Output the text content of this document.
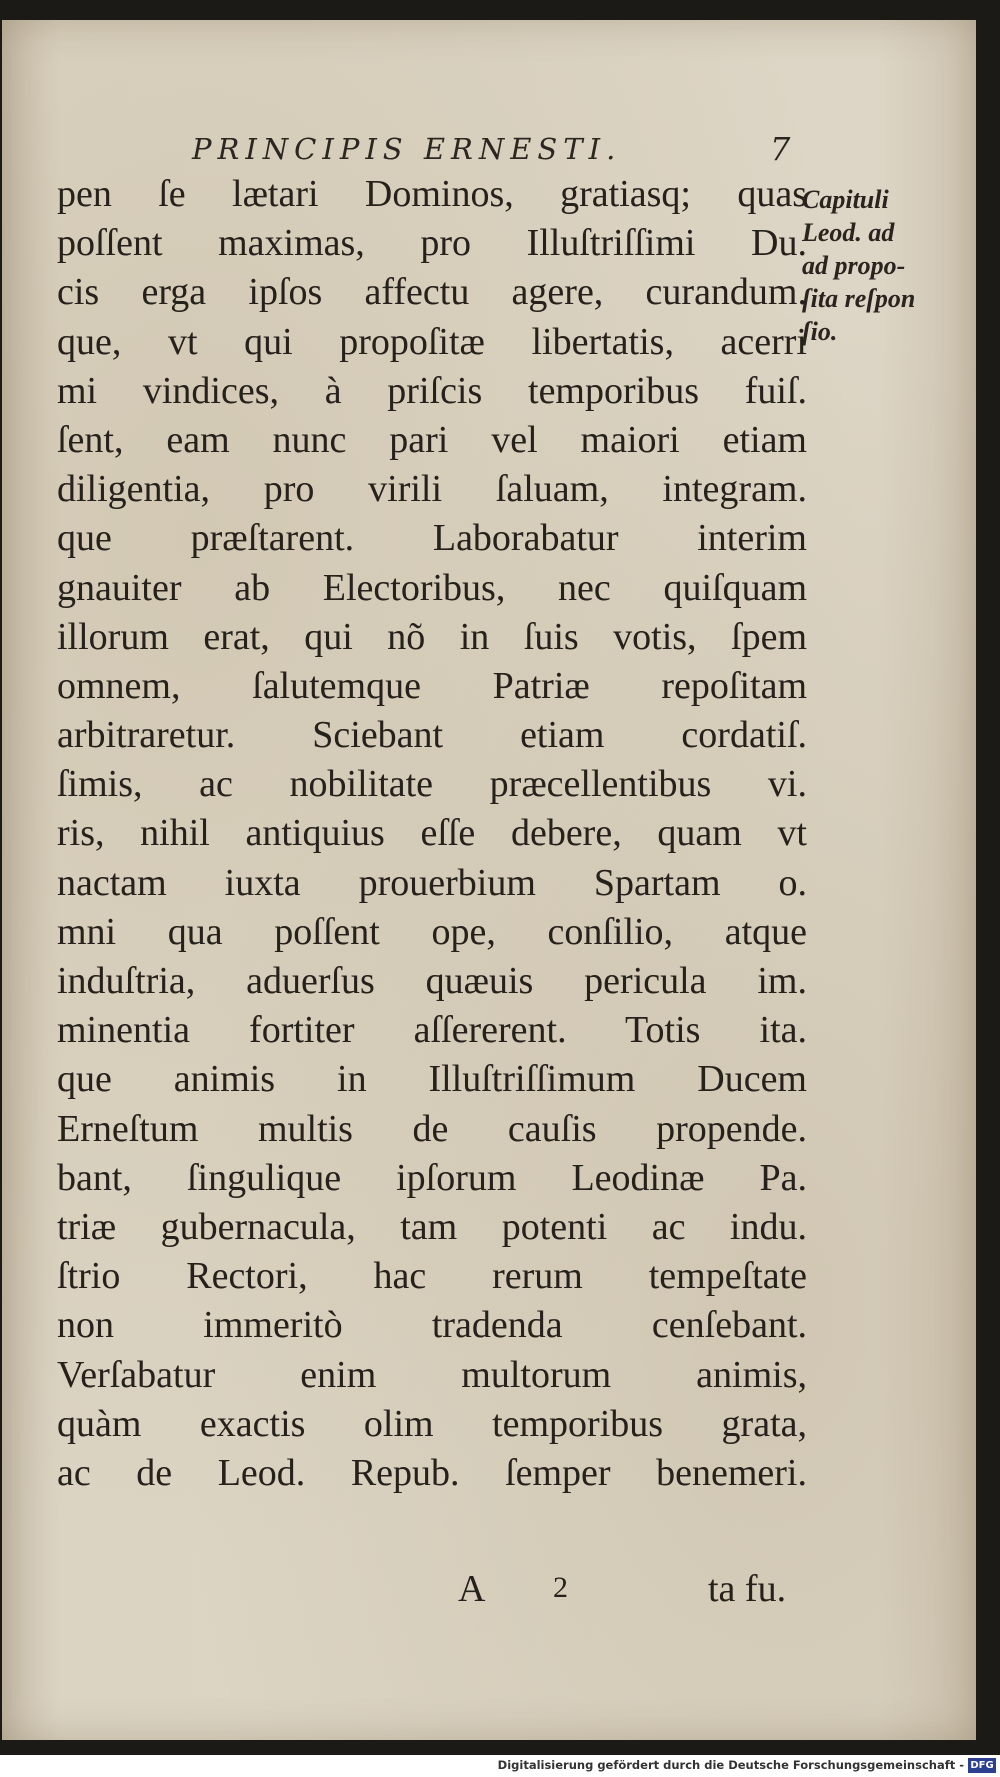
PRINCIPIS ERNESTI.	7
pen ſe lætari Dominos, gratiasq; quas
poſſent maximas, pro Illuſtriſſimi Du.
cis erga ipſos affectu agere, curandum.
que, vt qui propoſitæ libertatis, acerri
mi vindices, à priſcis temporibus fuiſ.
ſent, eam nunc pari vel maiori etiam
diligentia, pro virili ſaluam, integram.
que præſtarent. Laborabatur interim
gnauiter ab Electoribus, nec quiſquam
illorum erat, qui nõ in ſuis votis, ſpem
omnem, ſalutemque Patriæ repoſitam
arbitraretur. Sciebant etiam cordatiſ.
ſimis, ac nobilitate præcellentibus vi.
ris, nihil antiquius eſſe debere, quam vt
nactam iuxta prouerbium Spartam o.
mni qua poſſent ope, conſilio, atque
induſtria, aduerſus quæuis pericula im.
minentia fortiter aſſererent. Totis ita.
que animis in Illuſtriſſimum Ducem
Erneſtum multis de cauſis propende.
bant, ſingulique ipſorum Leodinæ Pa.
triæ gubernacula, tam potenti ac indu.
ſtrio Rectori, hac rerum tempeſtate
non immeritò tradenda cenſebant.
Verſabatur enim multorum animis,
quàm exactis olim temporibus grata,
ac de Leod. Repub. ſemper benemeri.
A 2	ta fu.
Capituli
Leod. ad
ad propo-
ſita reſpon
ſio.
Digitalisierung gefördert durch die Deutsche Forschungsgemeinschaft - DFG
